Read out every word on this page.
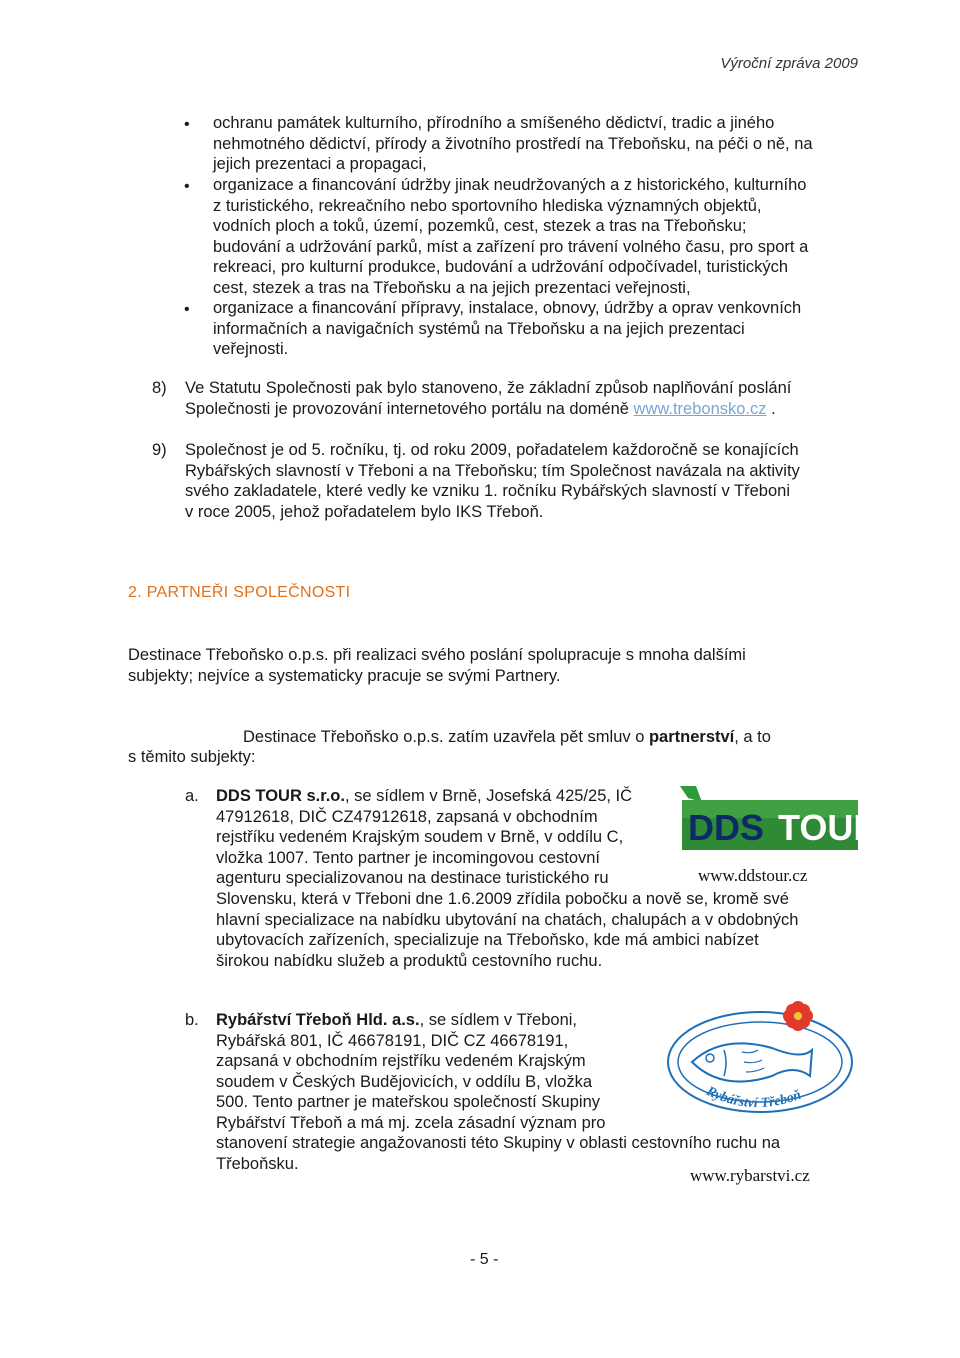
Výroční zpráva 2009
• ochranu památek kulturního, přírodního a smíšeného dědictví, tradic a jiného
nehmotného dědictví, přírody a životního prostředí na Třeboňsku, na péči o ně, na
jejich prezentaci a propagaci,
• organizace a financování údržby jinak neudržovaných a z historického, kulturního
z turistického, rekreačního nebo sportovního hlediska významných objektů,
vodních ploch a toků, území, pozemků, cest, stezek a tras na Třeboňsku;
budování a udržování parků, míst a zařízení pro trávení volného času, pro sport a
rekreaci, pro kulturní produkce, budování a udržování odpočívadel, turistických
cest, stezek a tras na Třeboňsku a na jejich prezentaci veřejnosti,
• organizace a financování přípravy, instalace, obnovy, údržby a oprav venkovních
informačních a navigačních systémů na Třeboňsku a na jejich prezentaci
veřejnosti.
8) Ve Statutu Společnosti pak bylo stanoveno, že základní způsob naplňování poslání
Společnosti je provozování internetového portálu na doméně www.trebonsko.cz .
9) Společnost je od 5. ročníku, tj. od roku 2009, pořadatelem každoročně se konajících
Rybářských slavností v Třeboni a na Třeboňsku; tím Společnost navázala na aktivity
svého zakladatele, které vedly ke vzniku 1. ročníku Rybářských slavností v Třeboni
v roce 2005, jehož pořadatelem bylo IKS Třeboň.
2. PARTNEŘI SPOLEČNOSTI
Destinace Třeboňsko o.p.s. při realizaci svého poslání spolupracuje s mnoha dalšími
subjekty; nejvíce a systematicky pracuje se svými Partnery.
Destinace Třeboňsko o.p.s. zatím uzavřela pět smluv o partnerství, a to
s těmito subjekty:
a. DDS TOUR s.r.o., se sídlem v Brně, Josefská 425/25, IČ
47912618, DIČ CZ47912618, zapsaná v obchodním
rejstříku vedeném Krajským soudem v Brně, v oddílu C,
vložka 1007. Tento partner je incomingovou cestovní
agenturu specializovanou na destinace turistického ru
Slovensku, která v Třeboni dne 1.6.2009 zřídila pobočku a nově se, kromě své
hlavní specializace na nabídku ubytování na chatách, chalupách a v obdobných
ubytovacích zařízeních, specializuje na Třeboňsko, kde má ambici nabízet
širokou nabídku služeb a produktů cestovního ruchu.
DDS TOUR
Váš partner pro individuální turistiku
www.ddstour.cz
b. Rybářství Třeboň Hld. a.s., se sídlem v Třeboni,
Rybářská 801, IČ 46678191, DIČ CZ 46678191,
zapsaná v obchodním rejstříku vedeném Krajským
soudem v Českých Budějovicích, v oddílu B, vložka
500. Tento partner je mateřskou společností Skupiny
Rybářství Třeboň a má mj. zcela zásadní význam pro
stanovení strategie angažovanosti této Skupiny v oblasti cestovního ruchu na
Třeboňsku.
Rybářství Třeboň
www.rybarstvi.cz
- 5 -
